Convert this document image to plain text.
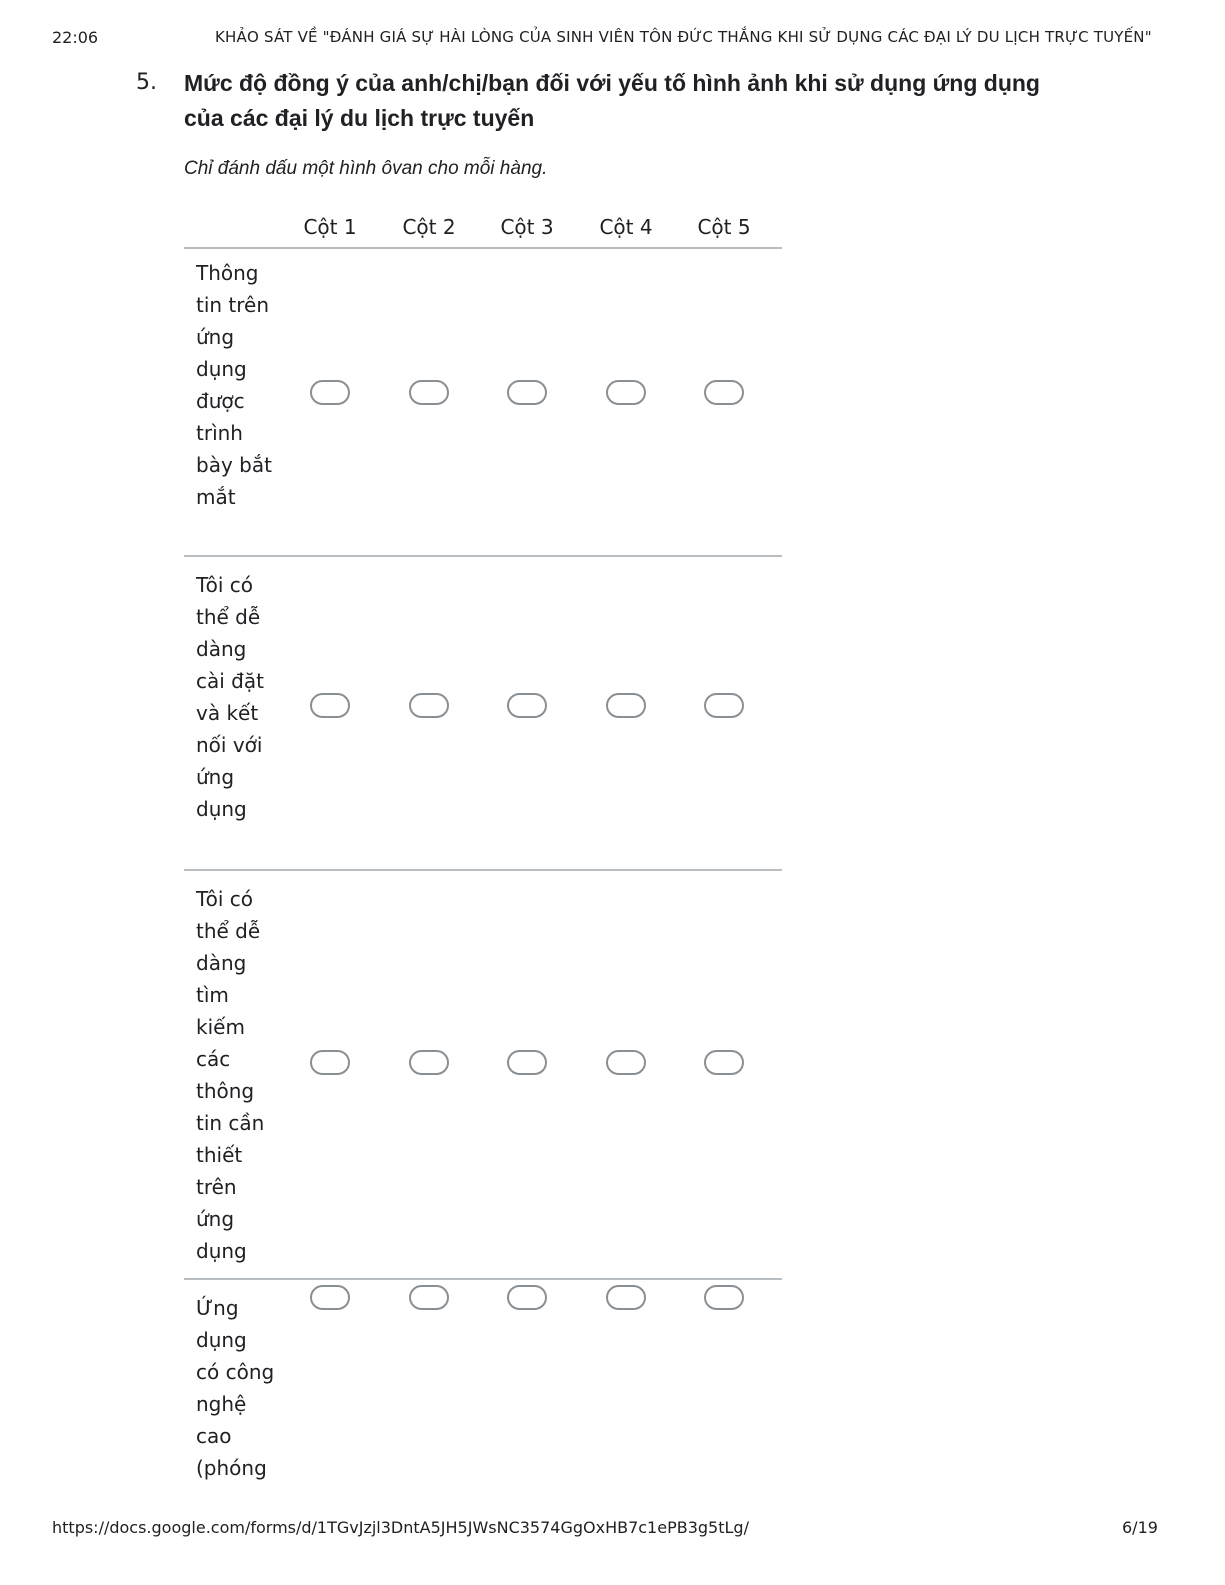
22:06	KHẢO SÁT VỀ "ĐÁNH GIÁ SỰ HÀI LÒNG CỦA SINH VIÊN TÔN ĐỨC THẮNG KHI SỬ DỤNG CÁC ĐẠI LÝ DU LỊCH TRỰC TUYẾN"
5. Mức độ đồng ý của anh/chị/bạn đối với yếu tố hình ảnh khi sử dụng ứng dụng của các đại lý du lịch trực tuyến
Chỉ đánh dấu một hình ôvan cho mỗi hàng.
Cột 1	Cột 2	Cột 3	Cột 4	Cột 5
Thông tin trên ứng dụng được trình bày bắt mắt
Tôi có thể dễ dàng cài đặt và kết nối với ứng dụng
Tôi có thể dễ dàng tìm kiếm các thông tin cần thiết trên ứng dụng
Ứng dụng có công nghệ cao (phóng
https://docs.google.com/forms/d/1TGvJzjl3DntA5JH5JWsNC3574GgOxHB7c1ePB3g5tLg/	6/19
